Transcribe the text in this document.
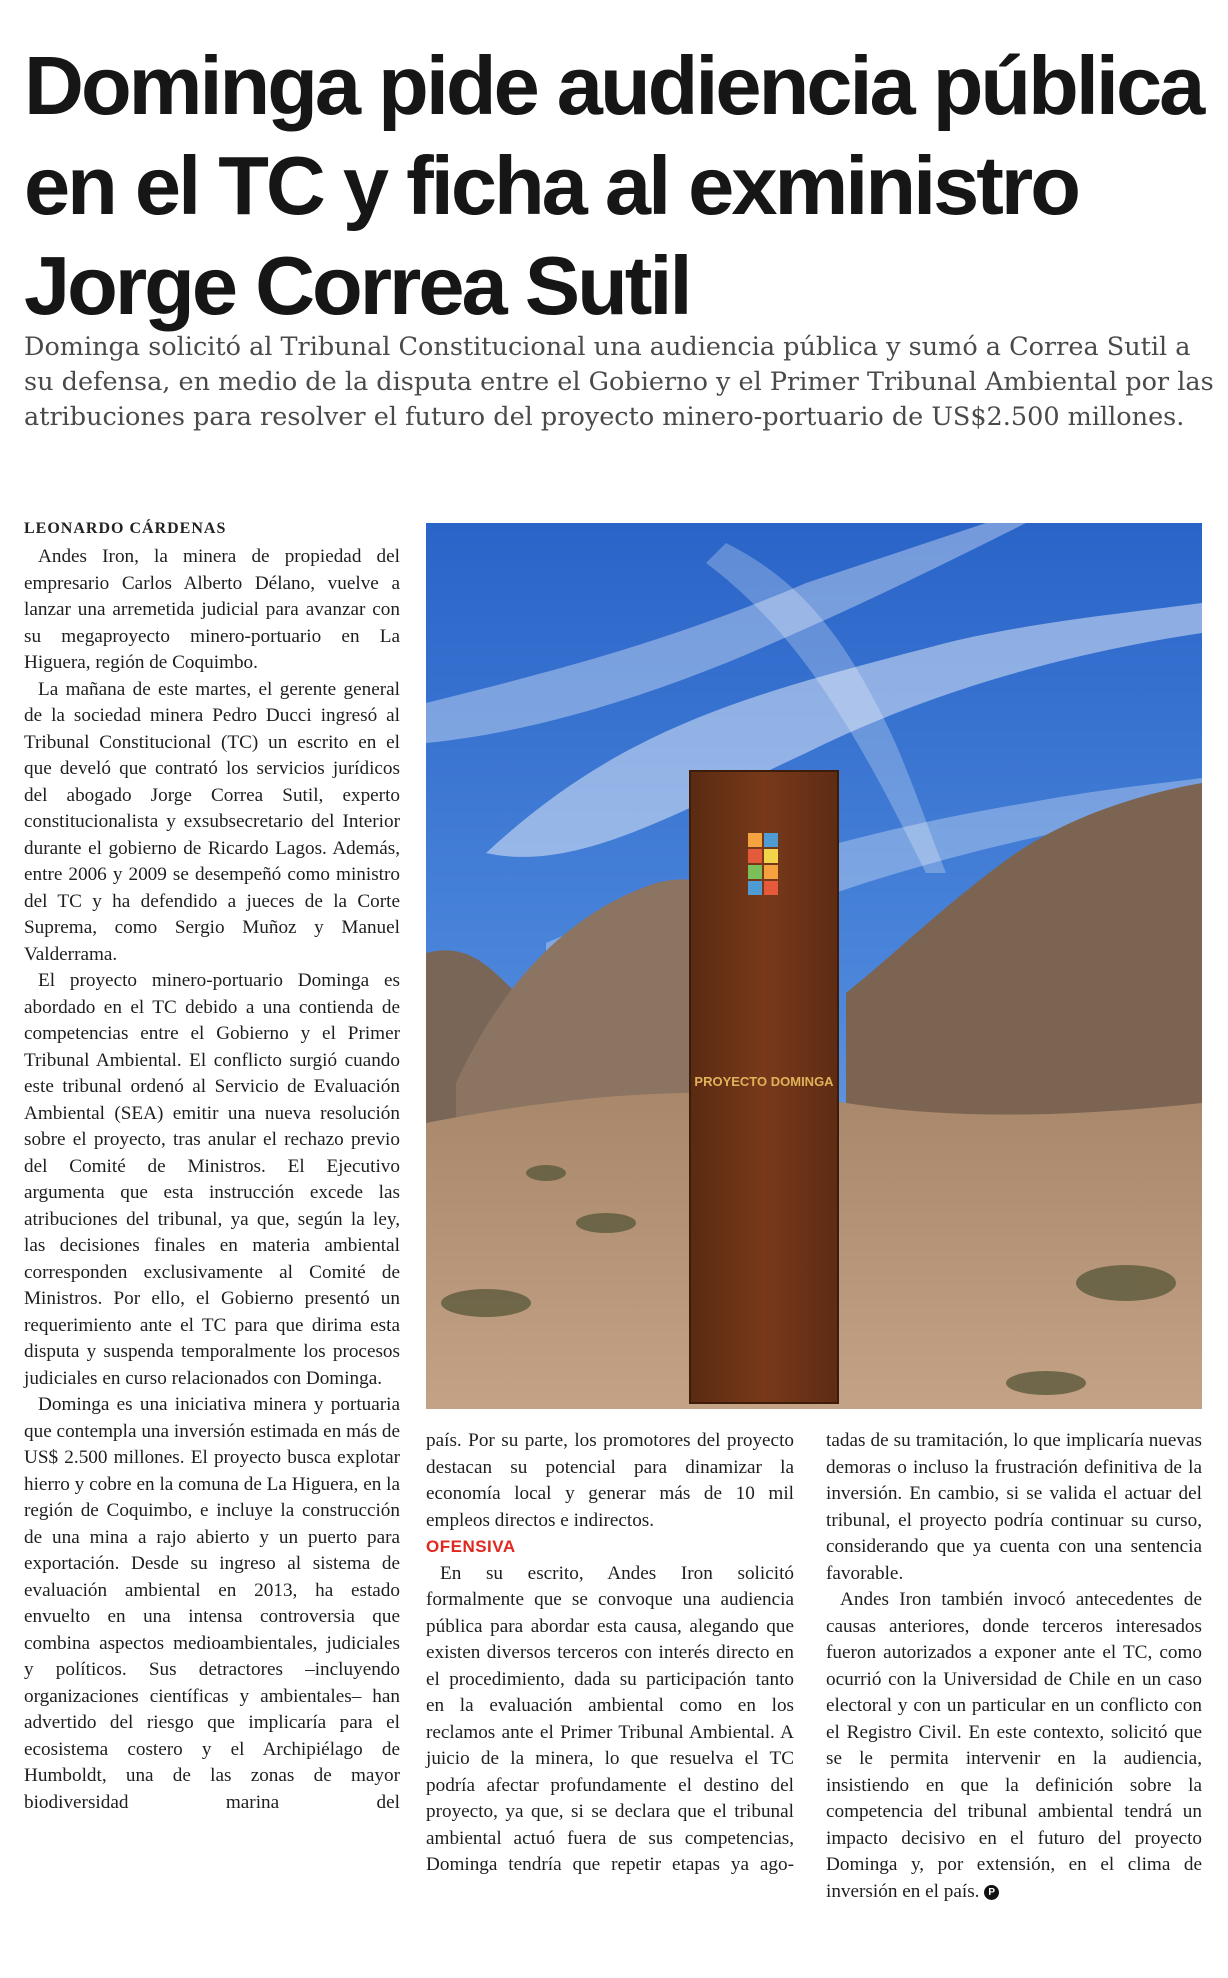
Dominga pide audiencia pública
en el TC y ficha al exministro
Jorge Correa Sutil

Dominga solicitó al Tribunal Constitucional una audiencia pública y sumó a Correa Sutil a
su defensa, en medio de la disputa entre el Gobierno y el Primer Tribunal Ambiental por las
atribuciones para resolver el futuro del proyecto minero-portuario de US$2.500 millones.

LEONARDO CÁRDENAS

Andes Iron, la minera de propiedad del empresario Carlos Alberto Délano, vuelve a lanzar una arremetida judicial para avanzar con su megaproyecto minero-portuario en La Higuera, región de Coquimbo.

La mañana de este martes, el gerente general de la sociedad minera Pedro Ducci ingresó al Tribunal Constitucional (TC) un escrito en el que develó que contrató los servicios jurídicos del abogado Jorge Correa Sutil, experto constitucionalista y exsubsecretario del Interior durante el gobierno de Ricardo Lagos. Además, entre 2006 y 2009 se desempeñó como ministro del TC y ha defendido a jueces de la Corte Suprema, como Sergio Muñoz y Manuel Valderrama.

El proyecto minero-portuario Dominga es abordado en el TC debido a una contienda de competencias entre el Gobierno y el Primer Tribunal Ambiental. El conflicto surgió cuando este tribunal ordenó al Servicio de Evaluación Ambiental (SEA) emitir una nueva resolución sobre el proyecto, tras anular el rechazo previo del Comité de Ministros. El Ejecutivo argumenta que esta instrucción excede las atribuciones del tribunal, ya que, según la ley, las decisiones finales en materia ambiental corresponden exclusivamente al Comité de Ministros. Por ello, el Gobierno presentó un requerimiento ante el TC para que dirima esta disputa y suspenda temporalmente los procesos judiciales en curso relacionados con Dominga.

Dominga es una iniciativa minera y portuaria que contempla una inversión estimada en más de US$ 2.500 millones. El proyecto busca explotar hierro y cobre en la comuna de La Higuera, en la región de Coquimbo, e incluye la construcción de una mina a rajo abierto y un puerto para exportación. Desde su ingreso al sistema de evaluación ambiental en 2013, ha estado envuelto en una intensa controversia que combina aspectos medioambientales, judiciales y políticos. Sus detractores –incluyendo organizaciones científicas y ambientales– han advertido del riesgo que implicaría para el ecosistema costero y el Archipiélago de Humboldt, una de las zonas de mayor biodiversidad marina del

PROYECTO DOMINGA

país. Por su parte, los promotores del proyecto destacan su potencial para dinamizar la economía local y generar más de 10 mil empleos directos e indirectos.

OFENSIVA

En su escrito, Andes Iron solicitó formalmente que se convoque una audiencia pública para abordar esta causa, alegando que existen diversos terceros con interés directo en el procedimiento, dada su participación tanto en la evaluación ambiental como en los reclamos ante el Primer Tribunal Ambiental. A juicio de la minera, lo que resuelva el TC podría afectar profundamente el destino del proyecto, ya que, si se declara que el tribunal ambiental actuó fuera de sus competencias, Dominga tendría que repetir etapas ya ago-

tadas de su tramitación, lo que implicaría nuevas demoras o incluso la frustración definitiva de la inversión. En cambio, si se valida el actuar del tribunal, el proyecto podría continuar su curso, considerando que ya cuenta con una sentencia favorable.

Andes Iron también invocó antecedentes de causas anteriores, donde terceros interesados fueron autorizados a exponer ante el TC, como ocurrió con la Universidad de Chile en un caso electoral y con un particular en un conflicto con el Registro Civil. En este contexto, solicitó que se le permita intervenir en la audiencia, insistiendo en que la definición sobre la competencia del tribunal ambiental tendrá un impacto decisivo en el futuro del proyecto Dominga y, por extensión, en el clima de inversión en el país. P
